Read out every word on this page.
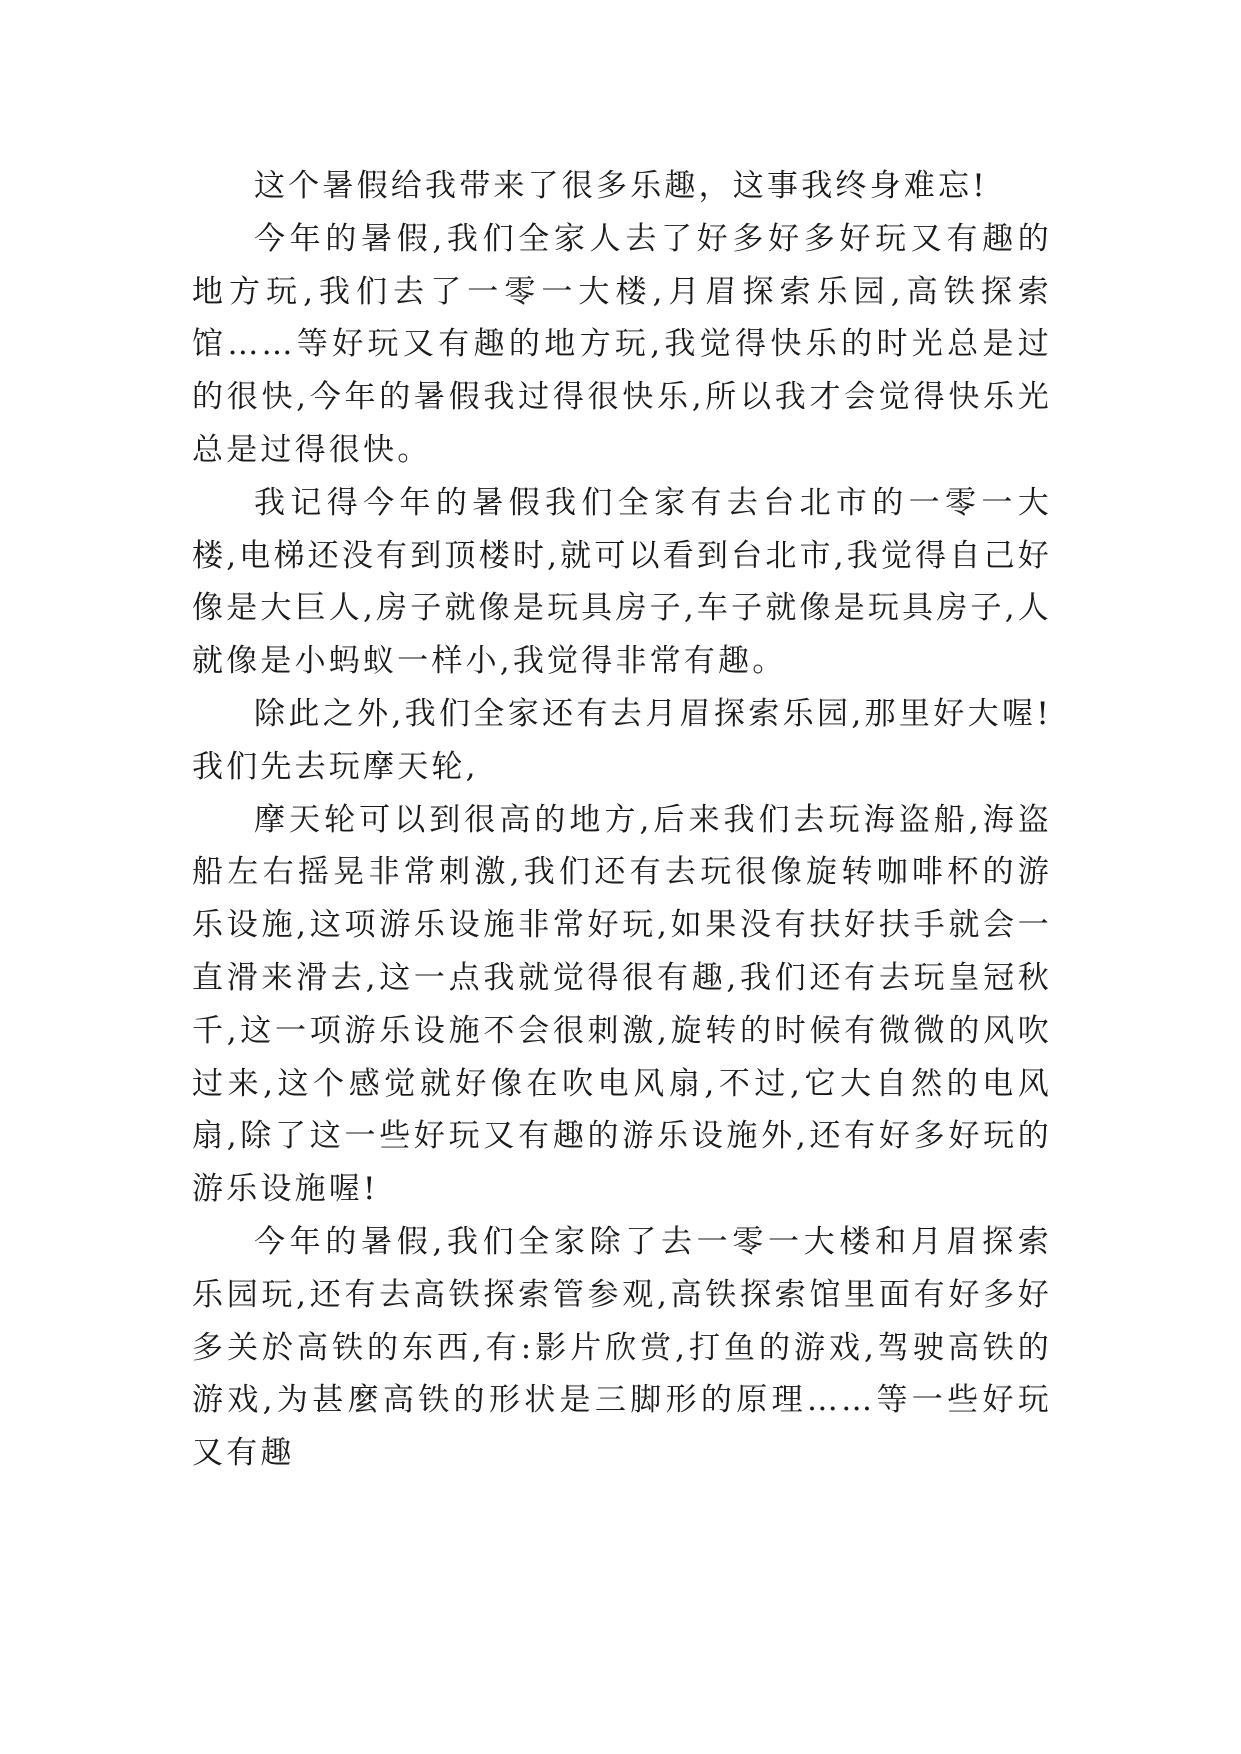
这个暑假给我带来了很多乐趣，这事我终身难忘!

今年的暑假,我们全家人去了好多好多好玩又有趣的地方玩,我们去了一零一大楼,月眉探索乐园,高铁探索馆……等好玩又有趣的地方玩,我觉得快乐的时光总是过的很快,今年的暑假我过得很快乐,所以我才会觉得快乐光总是过得很快。

我记得今年的暑假我们全家有去台北市的一零一大楼,电梯还没有到顶楼时,就可以看到台北市,我觉得自己好像是大巨人,房子就像是玩具房子,车子就像是玩具房子,人就像是小蚂蚁一样小,我觉得非常有趣。

除此之外,我们全家还有去月眉探索乐园,那里好大喔!我们先去玩摩天轮,

摩天轮可以到很高的地方,后来我们去玩海盗船,海盗船左右摇晃非常刺激,我们还有去玩很像旋转咖啡杯的游乐设施,这项游乐设施非常好玩,如果没有扶好扶手就会一直滑来滑去,这一点我就觉得很有趣,我们还有去玩皇冠秋千,这一项游乐设施不会很刺激,旋转的时候有微微的风吹过来,这个感觉就好像在吹电风扇,不过,它大自然的电风扇,除了这一些好玩又有趣的游乐设施外,还有好多好玩的游乐设施喔!

今年的暑假,我们全家除了去一零一大楼和月眉探索乐园玩,还有去高铁探索管参观,高铁探索馆里面有好多好多关於高铁的东西,有:影片欣赏,打鱼的游戏,驾驶高铁的游戏,为甚麼高铁的形状是三脚形的原理……等一些好玩又有趣
